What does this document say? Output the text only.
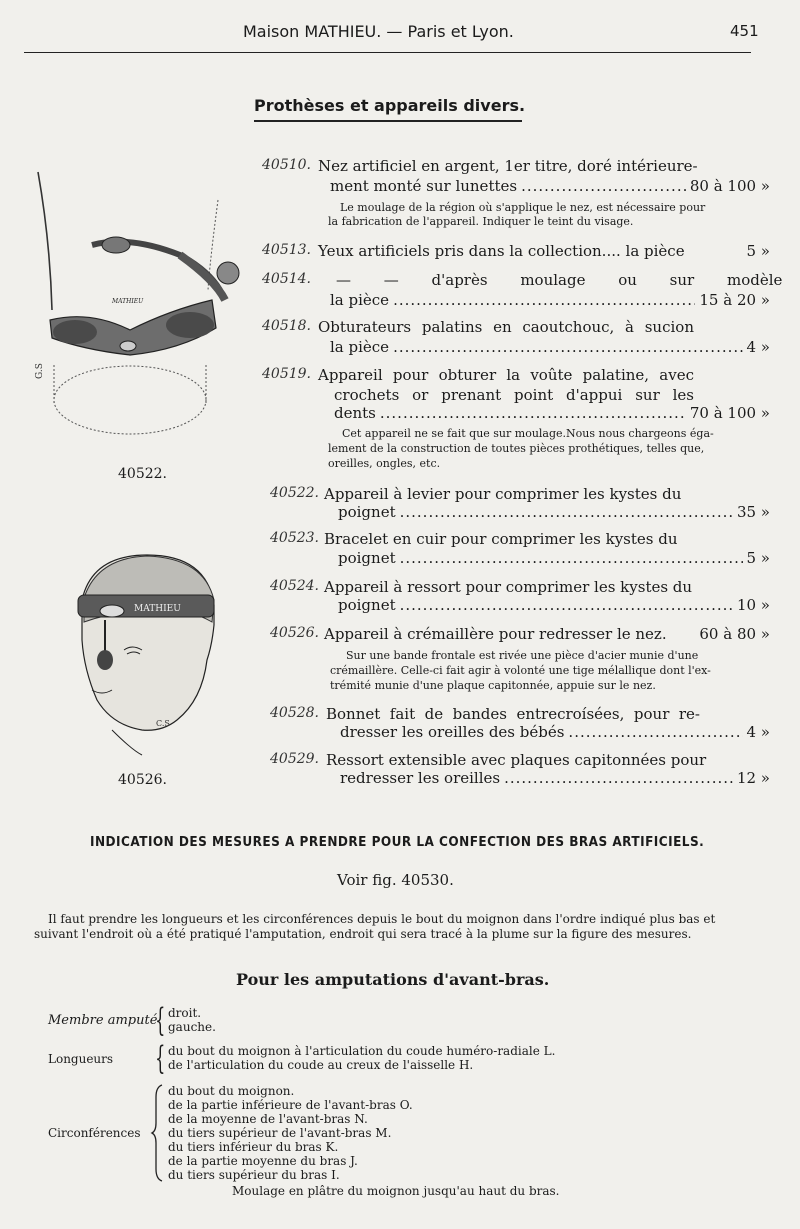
Maison MATHIEU. — Paris et Lyon.	451
Prothèses et appareils divers.
MATHIEU
G.S
40522.
MATHIEU
C.S
40526.
40510. Nez artificiel en argent, 1er titre, doré intérieure-
ment monté sur lunettes .....	80 à 100 »
Le moulage de la région où s'applique le nez, est nécessaire pour
la fabrication de l'appareil. Indiquer le teint du visage.
40513. Yeux artificiels pris dans la collection.... la pièce	5 »
40514. — — d'après moulage ou sur modèle
la pièce .....	15 à 20 »
40518. Obturateurs palatins en caoutchouc, à sucion
la pièce .....	4 »
40519. Appareil pour obturer la voûte palatine, avec
crochets or prenant point d'appui sur les
dents .....	70 à 100 »
Cet appareil ne se fait que sur moulage.Nous nous chargeons éga-
lement de la construction de toutes pièces prothétiques, telles que,
oreilles, ongles, etc.
40522. Appareil à levier pour comprimer les kystes du
poignet .....	35 »
40523. Bracelet en cuir pour comprimer les kystes du
poignet .....	5 »
40524. Appareil à ressort pour comprimer les kystes du
poignet .....	10 »
40526. Appareil à crémaillère pour redresser le nez. 60 à 80 »
Sur une bande frontale est rivée une pièce d'acier munie d'une
crémaillère. Celle-ci fait agir à volonté une tige mélallique dont l'ex-
trémité munie d'une plaque capitonnée, appuie sur le nez.
40528. Bonnet fait de bandes entrecroísées, pour re-
dresser les oreilles des bébés .....	4 »
40529. Ressort extensible avec plaques capitonnées pour
redresser les oreilles .....	12 »
INDICATION DES MESURES A PRENDRE POUR LA CONFECTION DES BRAS ARTIFICIELS.
Voir fig. 40530.
Il faut prendre les longueurs et les circonférences depuis le bout du moignon dans l'ordre indiqué plus bas et
suivant l'endroit où a été pratiqué l'amputation, endroit qui sera tracé à la plume sur la figure des mesures.
Pour les amputations d'avant-bras.
Membre amputé
{ droit.
gauche.
Longueurs { du bout du moignon à l'articulation du coude huméro-radiale L.
de l'articulation du coude au creux de l'aisselle H.
Circonférences
du bout du moignon.
de la partie inférieure de l'avant-bras O.
de la moyenne de l'avant-bras N.
du tiers supérieur de l'avant-bras M.
du tiers inférieur du bras K.
de la partie moyenne du bras J.
du tiers supérieur du bras I.
Moulage en plâtre du moignon jusqu'au haut du bras.
